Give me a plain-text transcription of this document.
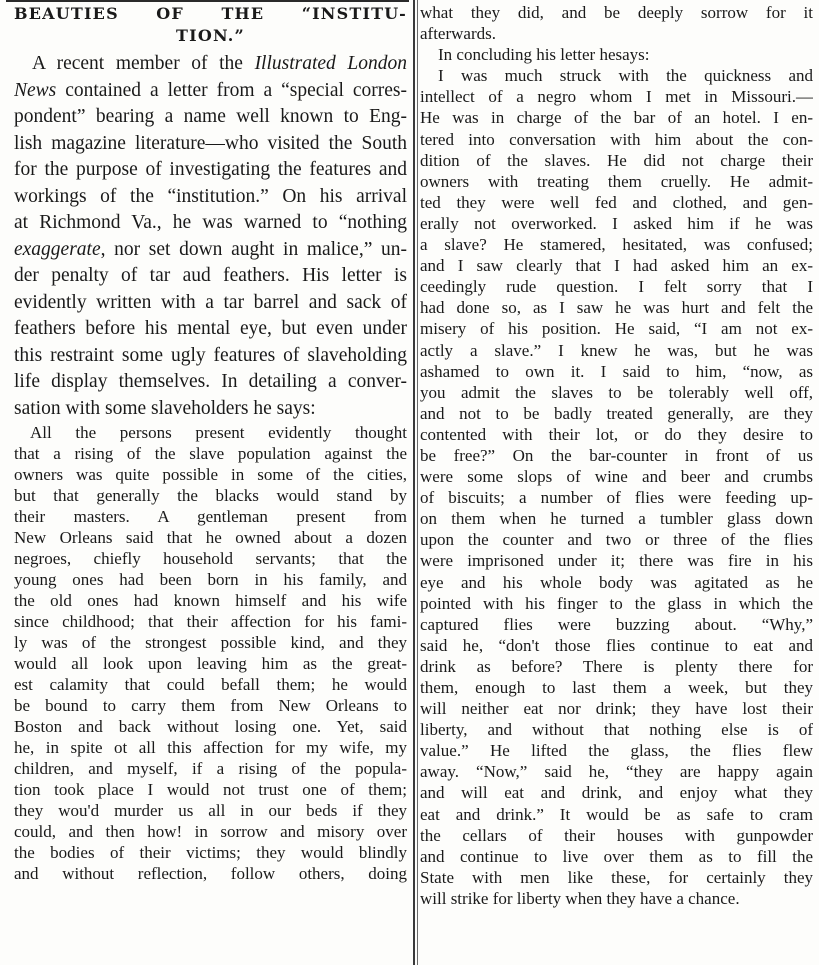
BEAUTIES OF THE “INSTITU-
TION.”
A recent member of the Illustrated London
News contained a letter from a “special corres-
pondent” bearing a name well known to Eng-
lish magazine literature—who visited the South
for the purpose of investigating the features and
workings of the “institution.” On his arrival
at Richmond Va., he was warned to “nothing
exaggerate, nor set down aught in malice,” un-
der penalty of tar aud feathers. His letter is
evidently written with a tar barrel and sack of
feathers before his mental eye, but even under
this restraint some ugly features of slaveholding
life display themselves. In detailing a conver-
sation with some slaveholders he says:
All the persons present evidently thought
that a rising of the slave population against the
owners was quite possible in some of the cities,
but that generally the blacks would stand by
their masters. A gentleman present from
New Orleans said that he owned about a dozen
negroes, chiefly household servants; that the
young ones had been born in his family, and
the old ones had known himself and his wife
since childhood; that their affection for his fami-
ly was of the strongest possible kind, and they
would all look upon leaving him as the great-
est calamity that could befall them; he would
be bound to carry them from New Orleans to
Boston and back without losing one. Yet, said
he, in spite ot all this affection for my wife, my
children, and myself, if a rising of the popula-
tion took place I would not trust one of them;
they wou'd murder us all in our beds if they
could, and then how! in sorrow and misory over
the bodies of their victims; they would blindly
and without reflection, follow others, doing
what they did, and be deeply sorrow for it
afterwards.
In concluding his letter hesays:
I was much struck with the quickness and
intellect of a negro whom I met in Missouri.—
He was in charge of the bar of an hotel. I en-
tered into conversation with him about the con-
dition of the slaves. He did not charge their
owners with treating them cruelly. He admit-
ted they were well fed and clothed, and gen-
erally not overworked. I asked him if he was
a slave? He stamered, hesitated, was confused;
and I saw clearly that I had asked him an ex-
ceedingly rude question. I felt sorry that I
had done so, as I saw he was hurt and felt the
misery of his position. He said, “I am not ex-
actly a slave.” I knew he was, but he was
ashamed to own it. I said to him, “now, as
you admit the slaves to be tolerably well off,
and not to be badly treated generally, are they
contented with their lot, or do they desire to
be free?” On the bar-counter in front of us
were some slops of wine and beer and crumbs
of biscuits; a number of flies were feeding up-
on them when he turned a tumbler glass down
upon the counter and two or three of the flies
were imprisoned under it; there was fire in his
eye and his whole body was agitated as he
pointed with his finger to the glass in which the
captured flies were buzzing about. “Why,”
said he, “don't those flies continue to eat and
drink as before? There is plenty there for
them, enough to last them a week, but they
will neither eat nor drink; they have lost their
liberty, and without that nothing else is of
value.” He lifted the glass, the flies flew
away. “Now,” said he, “they are happy again
and will eat and drink, and enjoy what they
eat and drink.” It would be as safe to cram
the cellars of their houses with gunpowder
and continue to live over them as to fill the
State with men like these, for certainly they
will strike for liberty when they have a chance.
